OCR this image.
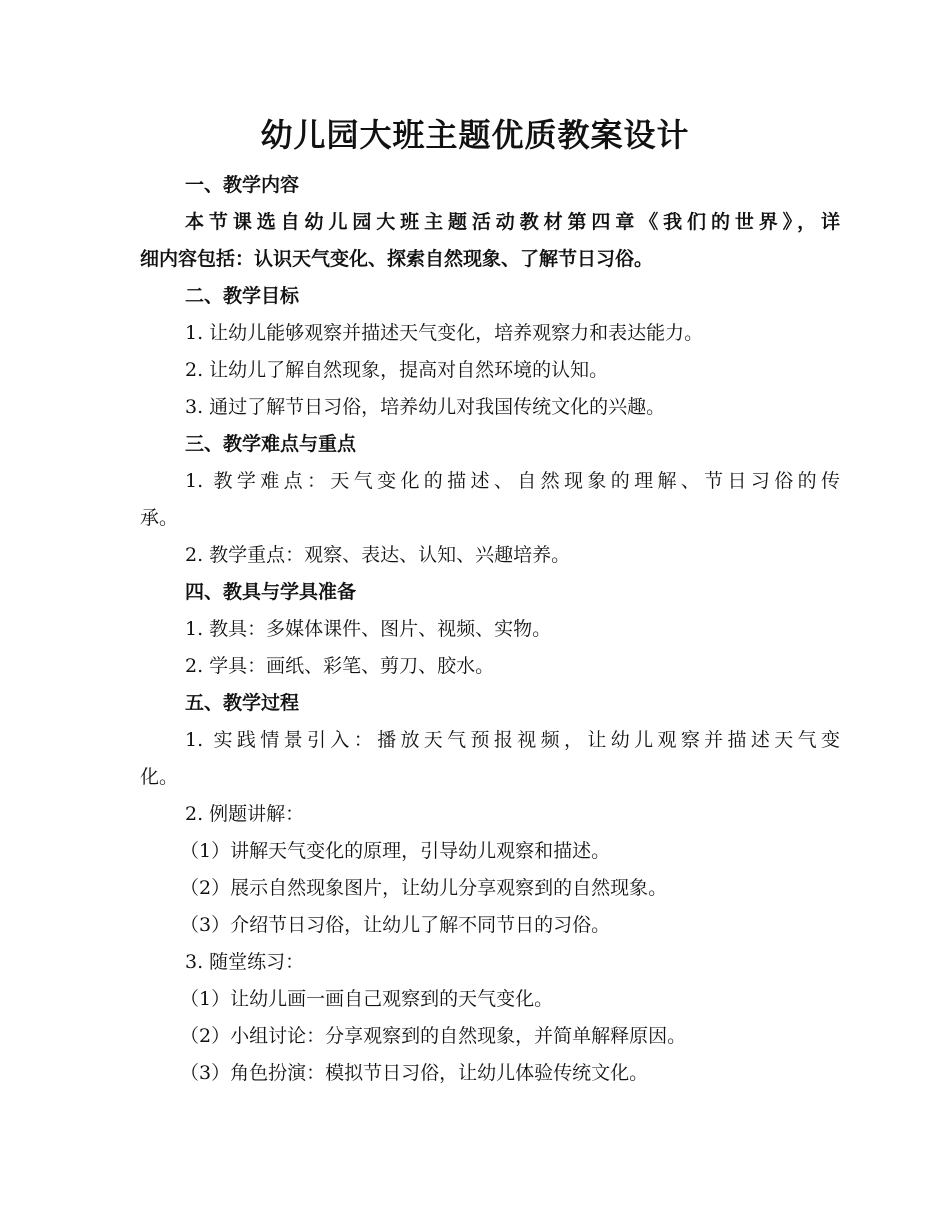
幼儿园大班主题优质教案设计
一、教学内容
本节课选自幼儿园大班主题活动教材第四章《我们的世界》，详
细内容包括：认识天气变化、探索自然现象、了解节日习俗。
二、教学目标
1. 让幼儿能够观察并描述天气变化，培养观察力和表达能力。
2. 让幼儿了解自然现象，提高对自然环境的认知。
3. 通过了解节日习俗，培养幼儿对我国传统文化的兴趣。
三、教学难点与重点
1. 教学难点：天气变化的描述、自然现象的理解、节日习俗的传
承。
2. 教学重点：观察、表达、认知、兴趣培养。
四、教具与学具准备
1. 教具：多媒体课件、图片、视频、实物。
2. 学具：画纸、彩笔、剪刀、胶水。
五、教学过程
1. 实践情景引入：播放天气预报视频，让幼儿观察并描述天气变
化。
2. 例题讲解：
（1）讲解天气变化的原理，引导幼儿观察和描述。
（2）展示自然现象图片，让幼儿分享观察到的自然现象。
（3）介绍节日习俗，让幼儿了解不同节日的习俗。
3. 随堂练习：
（1）让幼儿画一画自己观察到的天气变化。
（2）小组讨论：分享观察到的自然现象，并简单解释原因。
（3）角色扮演：模拟节日习俗，让幼儿体验传统文化。
